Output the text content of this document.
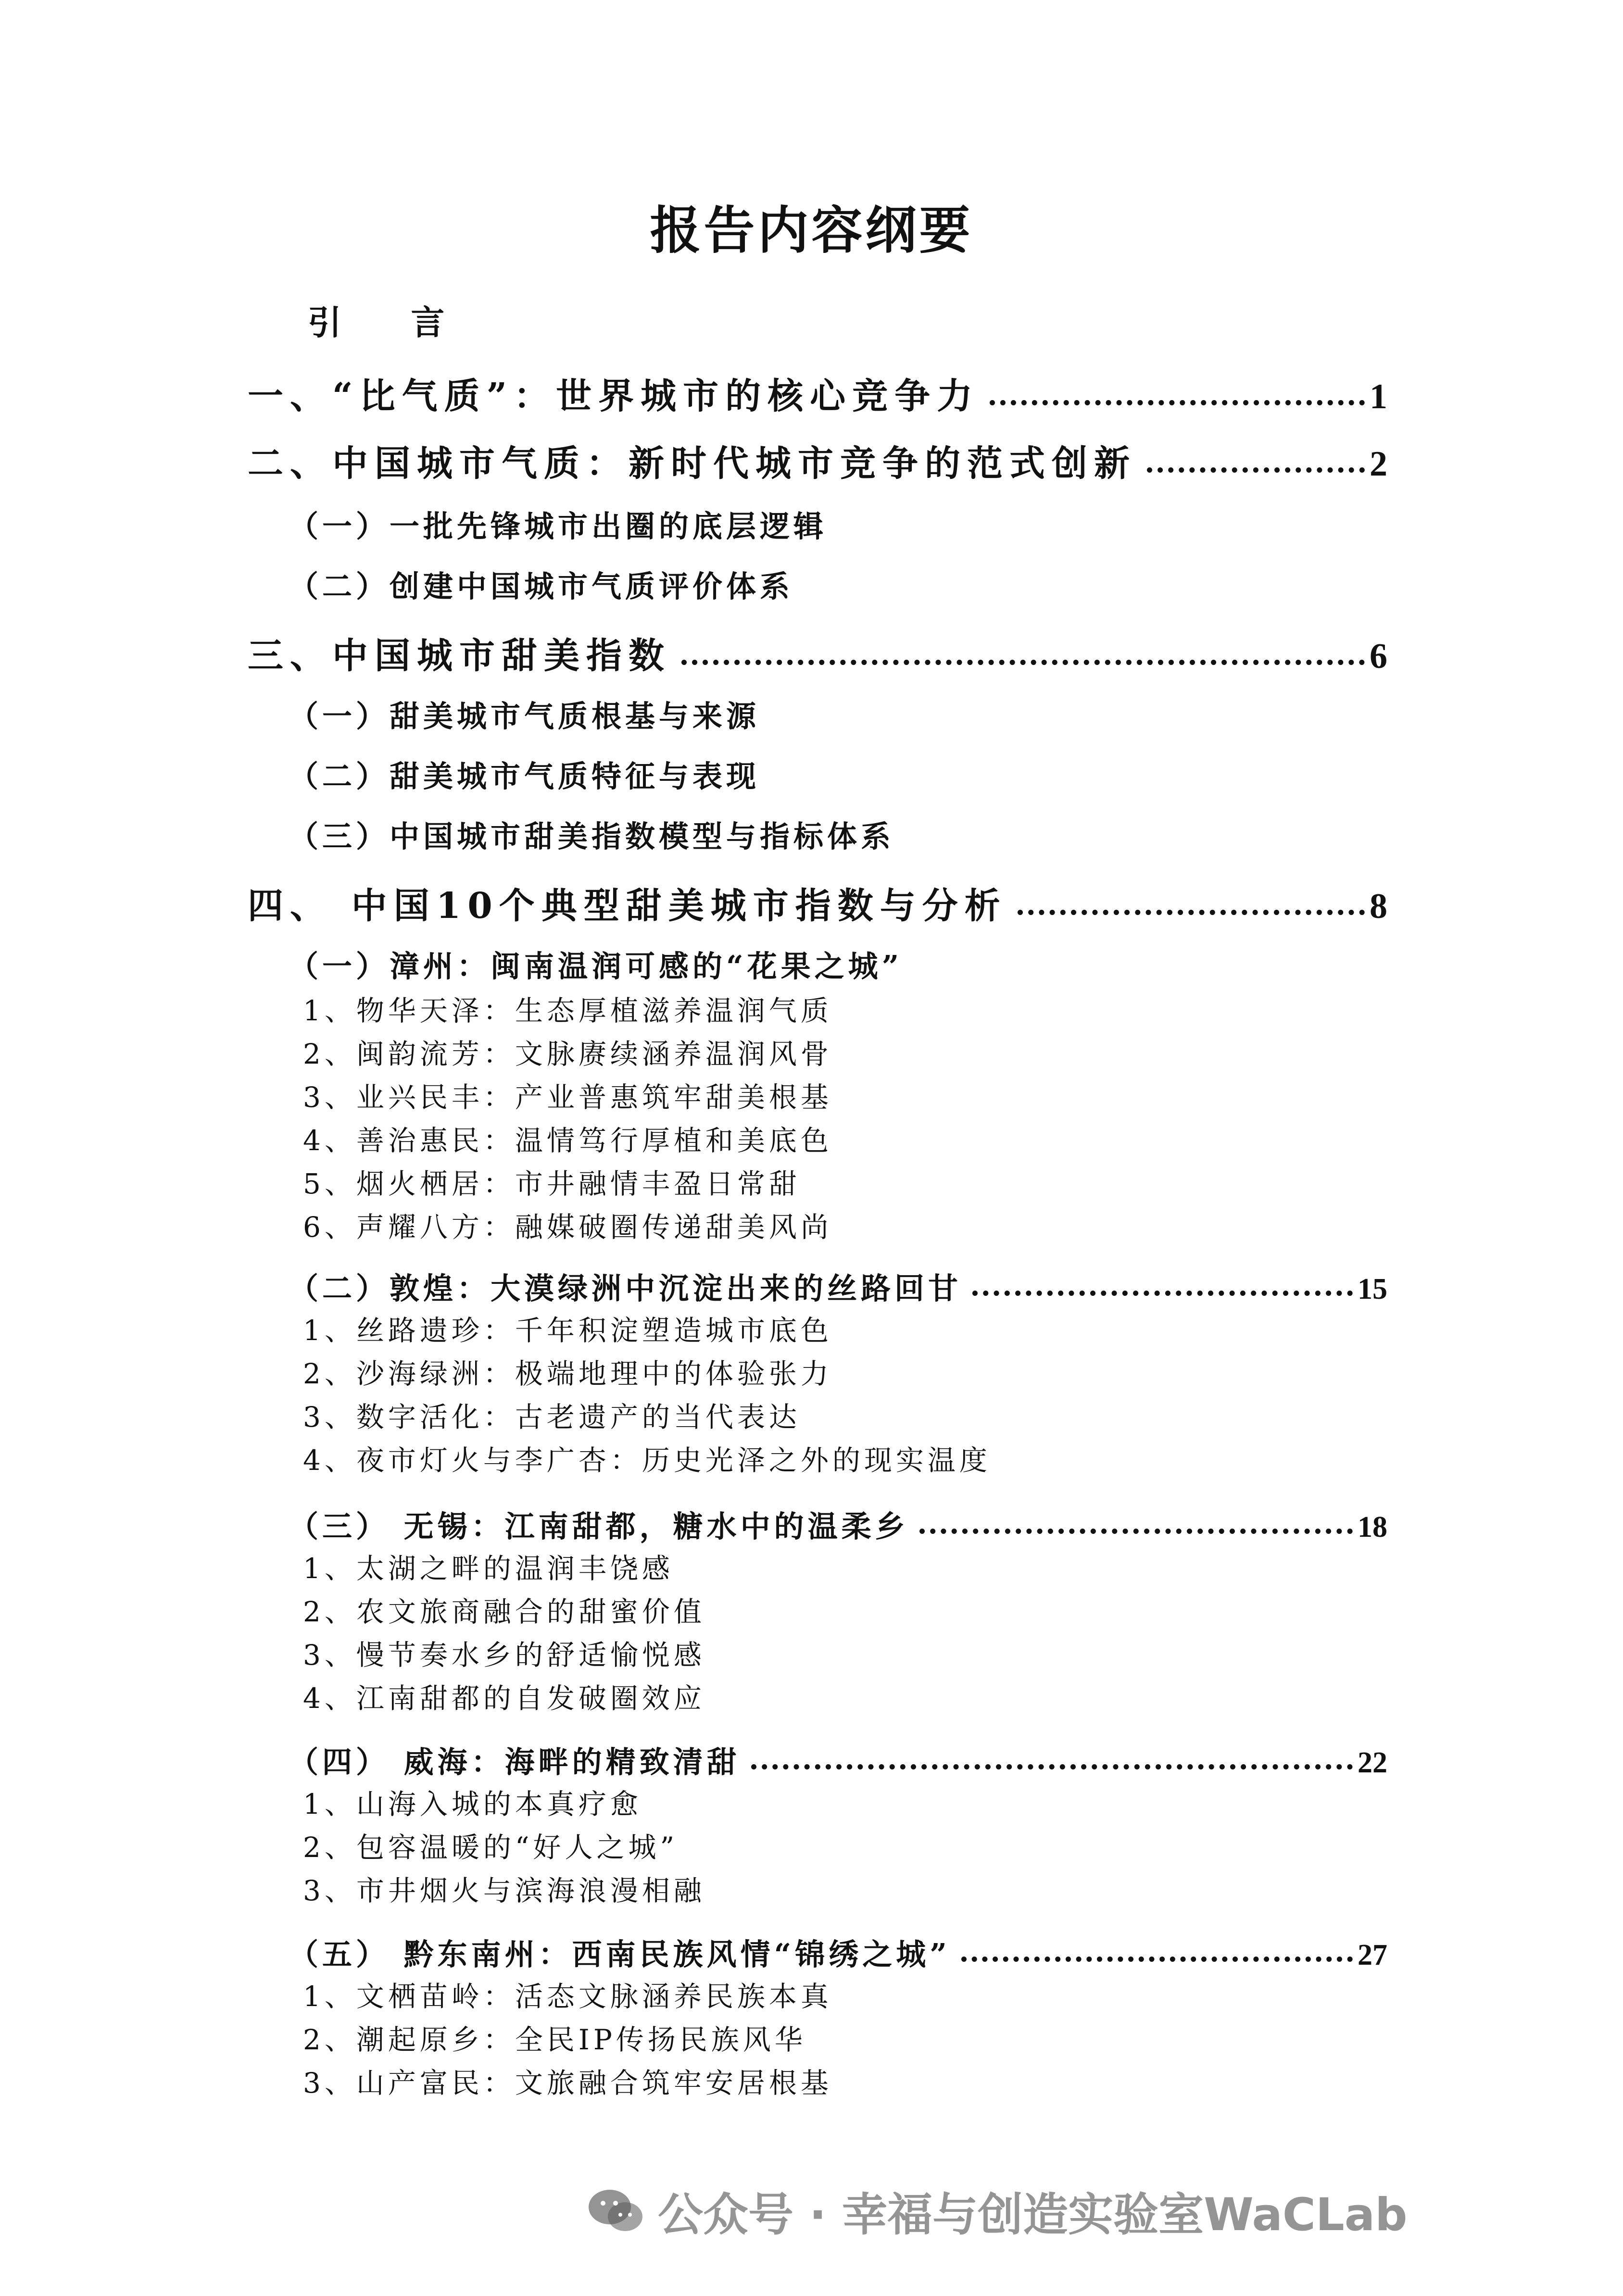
报告内容纲要
引 言
一、“比气质”：世界城市的核心竞争力	1
二、中国城市气质：新时代城市竞争的范式创新	2
（一）一批先锋城市出圈的底层逻辑
（二）创建中国城市气质评价体系
三、中国城市甜美指数	6
（一）甜美城市气质根基与来源
（二）甜美城市气质特征与表现
（三）中国城市甜美指数模型与指标体系
四、 中国10个典型甜美城市指数与分析	8
（一）漳州：闽南温润可感的“花果之城”
1、物华天泽：生态厚植滋养温润气质
2、闽韵流芳：文脉赓续涵养温润风骨
3、业兴民丰：产业普惠筑牢甜美根基
4、善治惠民：温情笃行厚植和美底色
5、烟火栖居：市井融情丰盈日常甜
6、声耀八方：融媒破圈传递甜美风尚
（二）敦煌：大漠绿洲中沉淀出来的丝路回甘	15
1、丝路遗珍：千年积淀塑造城市底色
2、沙海绿洲：极端地理中的体验张力
3、数字活化：古老遗产的当代表达
4、夜市灯火与李广杏：历史光泽之外的现实温度
（三） 无锡：江南甜都，糖水中的温柔乡	18
1、太湖之畔的温润丰饶感
2、农文旅商融合的甜蜜价值
3、慢节奏水乡的舒适愉悦感
4、江南甜都的自发破圈效应
（四） 威海：海畔的精致清甜	22
1、山海入城的本真疗愈
2、包容温暖的“好人之城”
3、市井烟火与滨海浪漫相融
（五） 黔东南州：西南民族风情“锦绣之城”	27
1、文栖苗岭：活态文脉涵养民族本真
2、潮起原乡：全民IP传扬民族风华
3、山产富民：文旅融合筑牢安居根基
公众号 · 幸福与创造实验室WaCLab
